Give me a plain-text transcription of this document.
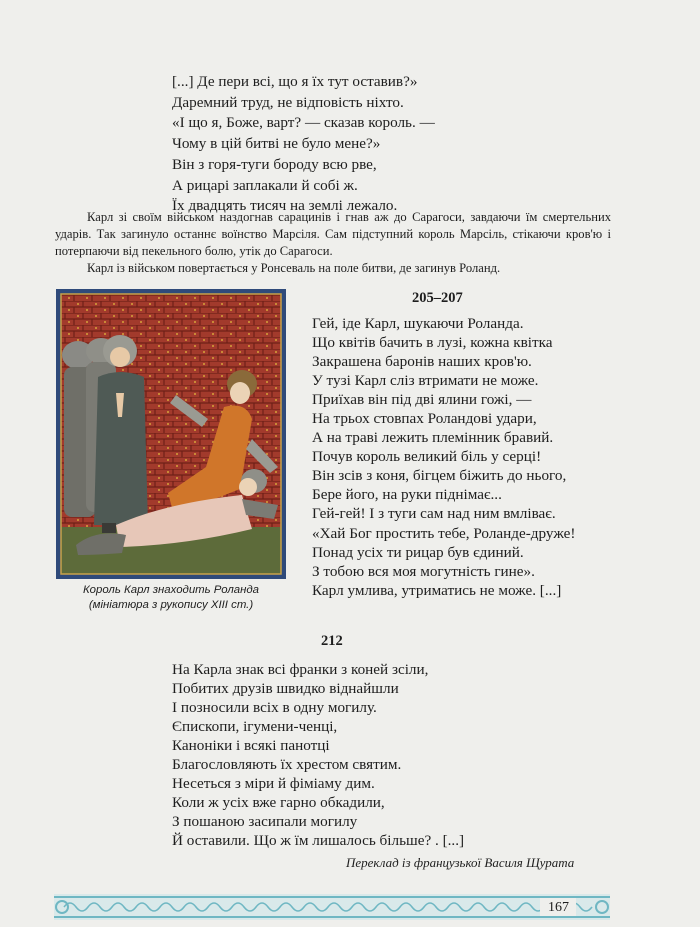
[...] Де пери всі, що я їх тут оставив?»
Даремний труд, не відповість ніхто.
«І що я, Боже, варт? — сказав король. —
Чому в цій битві не було мене?»
Він з горя-туги бороду всю рве,
А рицарі заплакали й собі ж.
Їх двадцять тисяч на землі лежало.

Карл зі своїм військом наздогнав сарацинів і гнав аж до Сарагоси, завдаючи їм смертельних ударів. Так загинуло останнє воїнство Марсіля. Сам підступний король Марсіль, стікаючи кров'ю і потерпаючи від пекельного болю, утік до Сарагоси.

Карл із військом повертається у Ронсеваль на поле битви, де загинув Роланд.

Король Карл знаходить Роланда
(мініатюра з рукопису XIII ст.)
205–207
Гей, іде Карл, шукаючи Роланда.
Що квітів бачить в лузі, кожна квітка
Закрашена баронів наших кров'ю.
У тузі Карл сліз втримати не може.
Приїхав він під дві ялини гожі, —
На трьох стовпах Роландові удари,
А на траві лежить племінник бравий.
Почув король великий біль у серці!
Він зсів з коня, бігцем біжить до нього,
Бере його, на руки піднімає...
Гей-гей! І з туги сам над ним вмліває.
«Хай Бог простить тебе, Роланде-друже!
Понад усіх ти рицар був єдиний.
З тобою вся моя могутність гине».
Карл умлива, утриматись не може. [...]
212
На Карла знак всі франки з коней зсіли,
Побитих друзів швидко віднайшли
І позносили всіх в одну могилу.
Єпископи, ігумени-ченці,
Каноніки і всякі панотці
Благословляють їх хрестом святим.
Несеться з міри й фіміаму дим.
Коли ж усіх вже гарно обкадили,
З пошаною засипали могилу
Й оставили. Що ж їм лишалось більше? . [...]
Переклад із французької Василя Щурата
167
